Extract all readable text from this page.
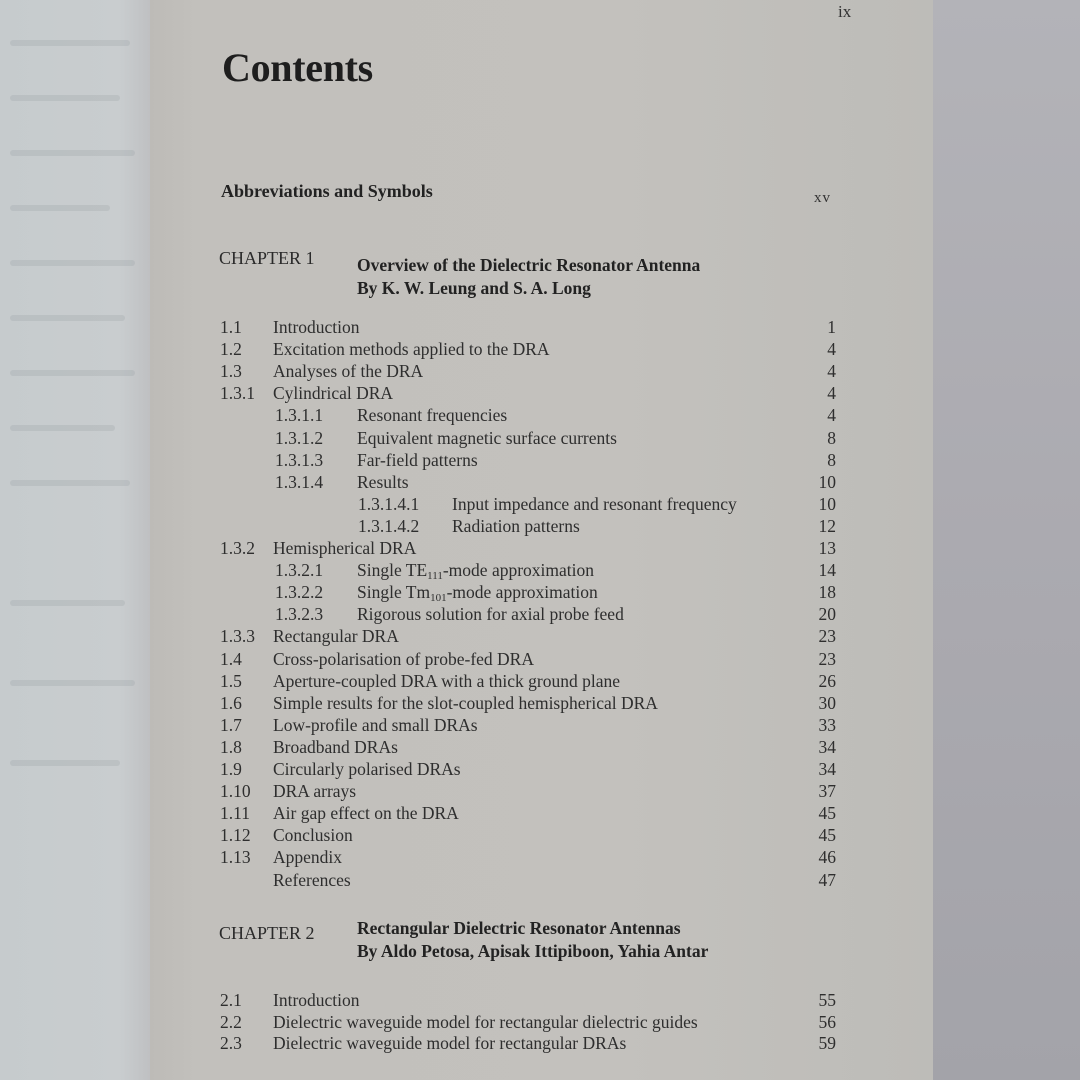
ix
Contents
Abbreviations and Symbols	xv
CHAPTER 1 Overview of the Dielectric Resonator Antenna
By K. W. Leung and S. A. Long
1.1 Introduction	1
1.2 Excitation methods applied to the DRA	4
1.3 Analyses of the DRA	4
1.3.1 Cylindrical DRA	4
1.3.1.1 Resonant frequencies	4
1.3.1.2 Equivalent magnetic surface currents	8
1.3.1.3 Far-field patterns	8
1.3.1.4 Results	10
1.3.1.4.1 Input impedance and resonant frequency	10
1.3.1.4.2 Radiation patterns	12
1.3.2 Hemispherical DRA	13
1.3.2.1 Single $TE_{111}$-mode approximation	14
1.3.2.2 Single $Tm_{101}$-mode approximation	18
1.3.2.3 Rigorous solution for axial probe feed	20
1.3.3 Rectangular DRA	23
1.4 Cross-polarisation of probe-fed DRA	23
1.5 Aperture-coupled DRA with a thick ground plane	26
1.6 Simple results for the slot-coupled hemispherical DRA	30
1.7 Low-profile and small DRAs	33
1.8 Broadband DRAs	34
1.9 Circularly polarised DRAs	34
1.10 DRA arrays	37
1.11 Air gap effect on the DRA	45
1.12 Conclusion	45
1.13 Appendix	46
References	47
CHAPTER 2 Rectangular Dielectric Resonator Antennas
By Aldo Petosa, Apisak Ittipiboon, Yahia Antar
2.1 Introduction	55
2.2 Dielectric waveguide model for rectangular dielectric guides	56
2.3 Dielectric waveguide model for rectangular DRAs	59
